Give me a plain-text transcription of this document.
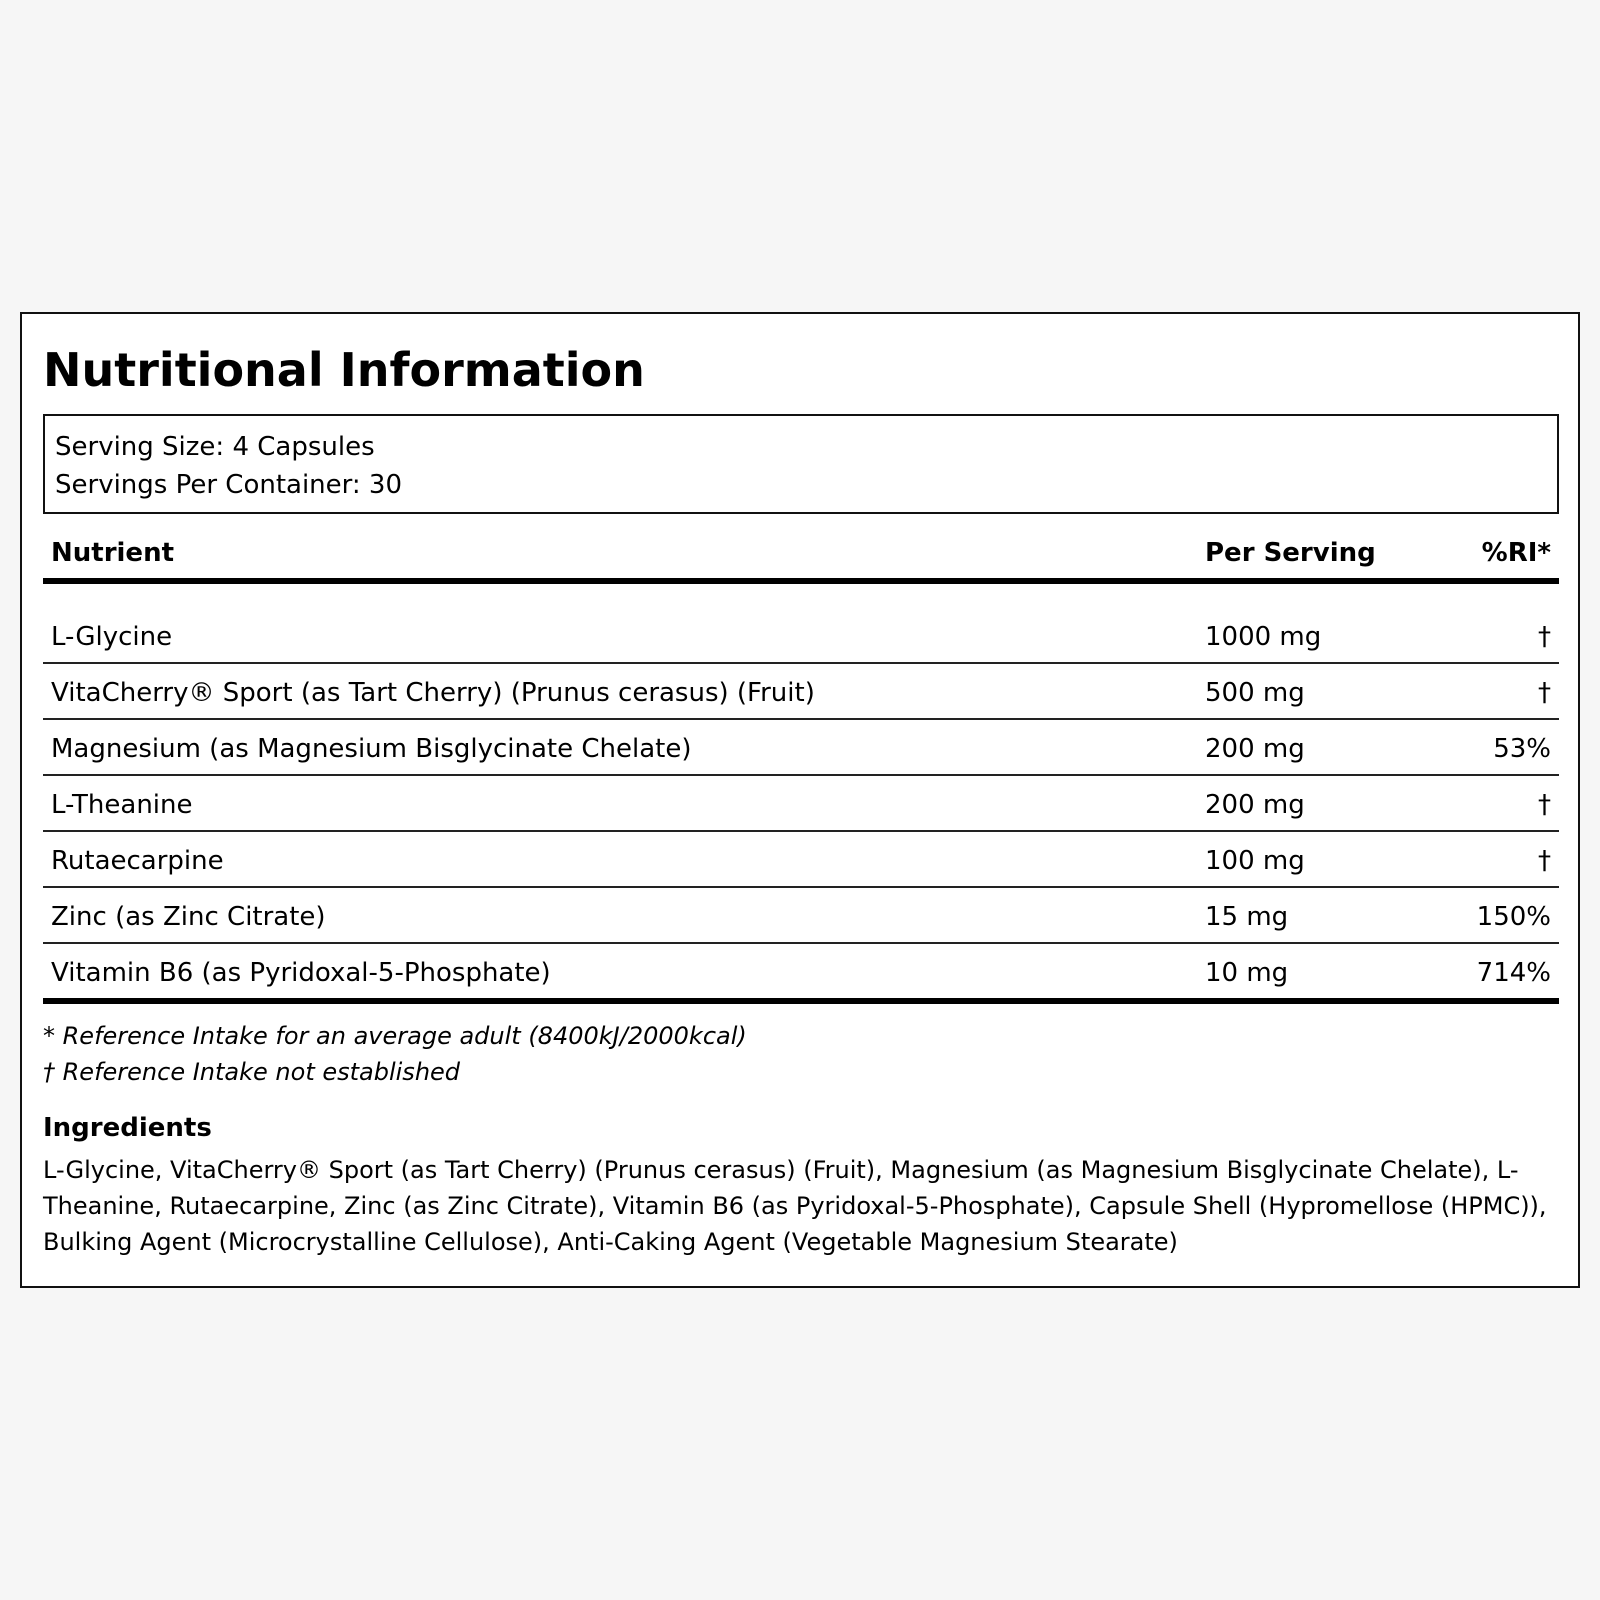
Nutritional Information
Serving Size: 4 Capsules
Servings Per Container: 30
Nutrient	Per Serving	%RI*
L-Glycine	1000 mg	†
VitaCherry® Sport (as Tart Cherry) (Prunus cerasus) (Fruit)	500 mg	†
Magnesium (as Magnesium Bisglycinate Chelate)	200 mg	53%
L-Theanine	200 mg	†
Rutaecarpine	100 mg	†
Zinc (as Zinc Citrate)	15 mg	150%
Vitamin B6 (as Pyridoxal-5-Phosphate)	10 mg	714%
* Reference Intake for an average adult (8400kJ/2000kcal)
† Reference Intake not established
Ingredients
L-Glycine, VitaCherry® Sport (as Tart Cherry) (Prunus cerasus) (Fruit), Magnesium (as Magnesium Bisglycinate Chelate), L-Theanine, Rutaecarpine, Zinc (as Zinc Citrate), Vitamin B6 (as Pyridoxal-5-Phosphate), Capsule Shell (Hypromellose (HPMC)), Bulking Agent (Microcrystalline Cellulose), Anti-Caking Agent (Vegetable Magnesium Stearate)
